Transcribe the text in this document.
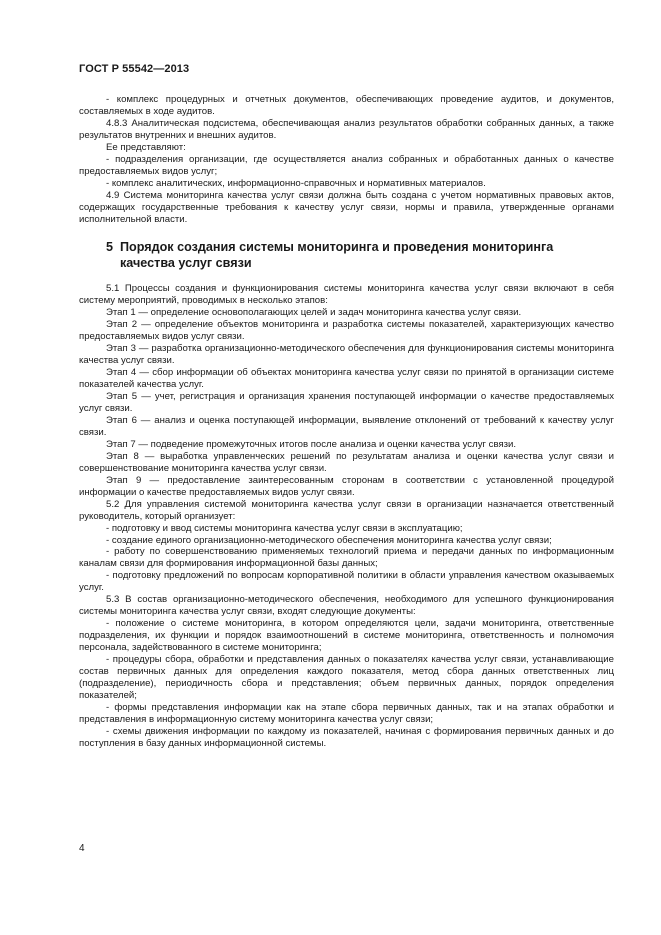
ГОСТ Р 55542—2013

- комплекс процедурных и отчетных документов, обеспечивающих проведение аудитов, и документов, составляемых в ходе аудитов.

4.8.3 Аналитическая подсистема, обеспечивающая анализ результатов обработки собранных данных, а также результатов внутренних и внешних аудитов.

Ее представляют:

- подразделения организации, где осуществляется анализ собранных и обработанных данных о качестве предоставляемых видов услуг;

- комплекс аналитических, информационно-справочных и нормативных материалов.

4.9 Система мониторинга качества услуг связи должна быть создана с учетом нормативных правовых актов, содержащих государственные требования к качеству услуг связи, нормы и правила, утвержденные органами исполнительной власти.

5 Порядок создания системы мониторинга и проведения мониторинга
качества услуг связи

5.1 Процессы создания и функционирования системы мониторинга качества услуг связи включают в себя систему мероприятий, проводимых в несколько этапов:

Этап 1 — определение основополагающих целей и задач мониторинга качества услуг связи.

Этап 2 — определение объектов мониторинга и разработка системы показателей, характеризующих качество предоставляемых видов услуг связи.

Этап 3 — разработка организационно-методического обеспечения для функционирования системы мониторинга качества услуг связи.

Этап 4 — сбор информации об объектах мониторинга качества услуг связи по принятой в организации системе показателей качества услуг.

Этап 5 — учет, регистрация и организация хранения поступающей информации о качестве предоставляемых услуг связи.

Этап 6 — анализ и оценка поступающей информации, выявление отклонений от требований к качеству услуг связи.

Этап 7 — подведение промежуточных итогов после анализа и оценки качества услуг связи.

Этап 8 — выработка управленческих решений по результатам анализа и оценки качества услуг связи и совершенствование мониторинга качества услуг связи.

Этап 9 — предоставление заинтересованным сторонам в соответствии с установленной процедурой информации о качестве предоставляемых видов услуг связи.

5.2 Для управления системой мониторинга качества услуг связи в организации назначается ответственный руководитель, который организует:

- подготовку и ввод системы мониторинга качества услуг связи в эксплуатацию;

- создание единого организационно-методического обеспечения мониторинга качества услуг связи;

- работу по совершенствованию применяемых технологий приема и передачи данных по информационным каналам связи для формирования информационной базы данных;

- подготовку предложений по вопросам корпоративной политики в области управления качеством оказываемых услуг.

5.3 В состав организационно-методического обеспечения, необходимого для успешного функционирования системы мониторинга качества услуг связи, входят следующие документы:

- положение о системе мониторинга, в котором определяются цели, задачи мониторинга, ответственные подразделения, их функции и порядок взаимоотношений в системе мониторинга, ответственность и полномочия персонала, задействованного в системе мониторинга;

- процедуры сбора, обработки и представления данных о показателях качества услуг связи, устанавливающие состав первичных данных для определения каждого показателя, метод сбора данных ответственных лиц (подразделение), периодичность сбора и представления; объем первичных данных, порядок определения показателей;

- формы представления информации как на этапе сбора первичных данных, так и на этапах обработки и представления в информационную систему мониторинга качества услуг связи;

- схемы движения информации по каждому из показателей, начиная с формирования первичных данных и до поступления в базу данных информационной системы.

4
